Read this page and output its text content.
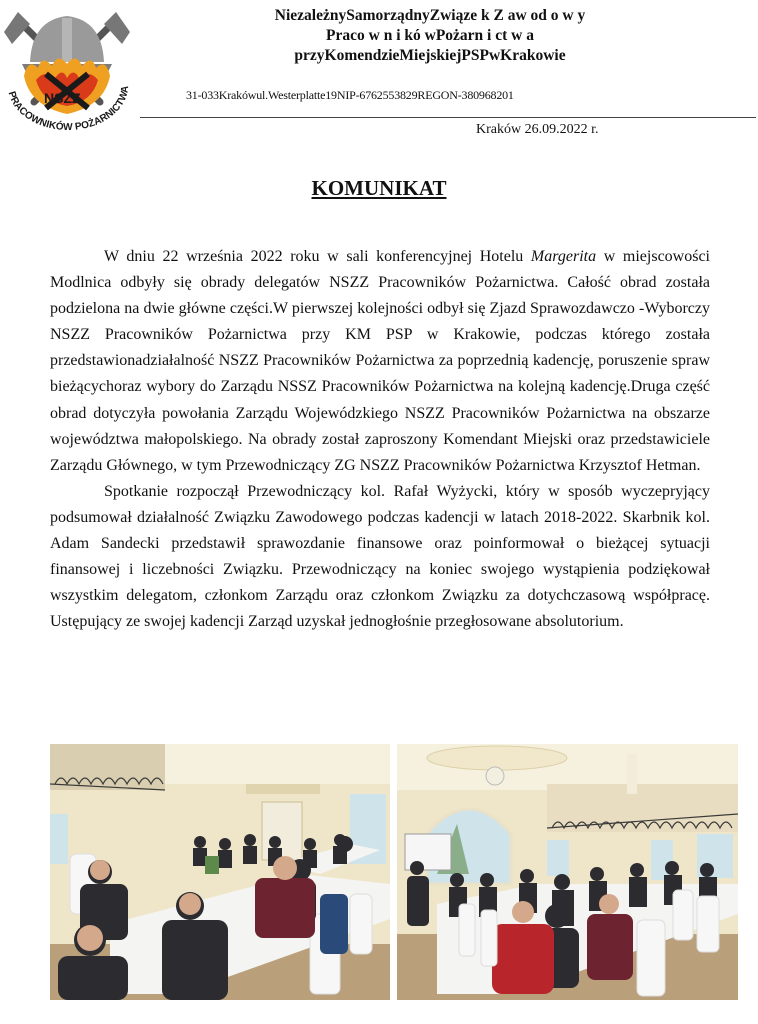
PRACOWNIKÓW POŻARNICTWA
NSZZ
NiezależnySamorządnyZwiąze k Z aw od o w y
Praco w n i kó wPożarn i ct w a
przyKomendzieMiejskiejPSPwKrakowie
31-033Krakówul.Westerplatte19NIP-6762553829REGON-380968201
Kraków 26.09.2022 r.
KOMUNIKAT

W dniu 22 września 2022 roku w sali konferencyjnej Hotelu Margerita w miejscowości Modlnica odbyły się obrady delegatów NSZZ Pracowników Pożarnictwa. Całość obrad została podzielona na dwie główne części.W pierwszej kolejności odbył się Zjazd Sprawozdawczo -Wyborczy NSZZ Pracowników Pożarnictwa przy KM PSP w Krakowie, podczas którego została przedstawionadziałalność NSZZ Pracowników Pożarnictwa za poprzednią kadencję, poruszenie spraw bieżącychoraz wybory do Zarządu NSSZ Pracowników Pożarnictwa na kolejną kadencję.Druga część obrad dotyczyła powołania Zarządu Wojewódzkiego NSZZ Pracowników Pożarnictwa na obszarze województwa małopolskiego. Na obrady został zaproszony Komendant Miejski oraz przedstawiciele Zarządu Głównego, w tym Przewodniczący ZG NSZZ Pracowników Pożarnictwa Krzysztof Hetman.

Spotkanie rozpoczął Przewodniczący kol. Rafał Wyżycki, który w sposób wyczepryjący podsumował działalność Związku Zawodowego podczas kadencji w latach 2018-2022. Skarbnik kol. Adam Sandecki przedstawił sprawozdanie finansowe oraz poinformował o bieżącej sytuacji finansowej i liczebności Związku. Przewodniczący na koniec swojego wystąpienia podziękował wszystkim delegatom, członkom Zarządu oraz członkom Związku za dotychczasową współpracę. Ustępujący ze swojej kadencji Zarząd uzyskał jednogłośnie przegłosowane absolutorium.
